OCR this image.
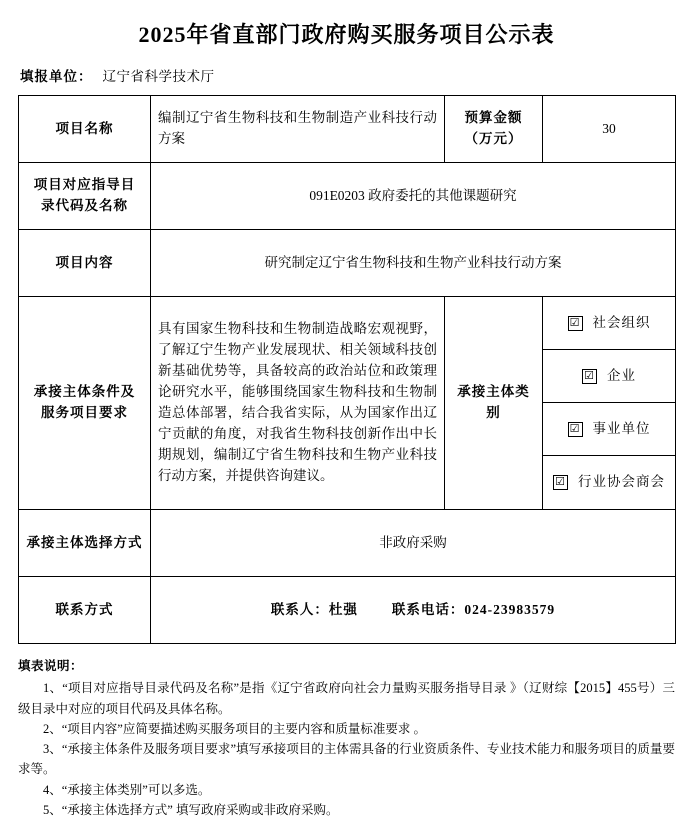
2025年省直部门政府购买服务项目公示表
填报单位： 辽宁省科学技术厅
项目名称	编制辽宁省生物科技和生物制造产业科技行动方案	预算金额
（万元）	30

项目对应指导目
录代码及名称	091E0203 政府委托的其他课题研究		
项目内容	研究制定辽宁省生物科技和生物产业科技行动方案		

承接主体条件及
服务项目要求
	具有国家生物科技和生物制造战略宏观视野，了解辽宁生物产业发展现状、相关领域科技创新基础优势等，具备较高的政治站位和政策理论研究水平，能够围绕国家生物科技和生物制造总体部署，结合我省实际，从为国家作出辽宁贡献的角度，对我省生物科技创新作出中长期规划，编制辽宁省生物科技和生物产业科技行动方案，并提供咨询建议。	承接主体类别	
☑ 社会组织
☑ 企业
☑ 事业单位
☑ 行业协会商会

承接主体选择方式	非政府采购		
联系方式	联系人：杜强 联系电话：024-23983579		
填表说明：
1、“项目对应指导目录代码及名称”是指《辽宁省政府向社会力量购买服务指导目录 》（辽财综【2015】455号）三级目录中对应的项目代码及具体名称。
2、“项目内容”应简要描述购买服务项目的主要内容和质量标准要求 。
3、“承接主体条件及服务项目要求”填写承接项目的主体需具备的行业资质条件、专业技术能力和服务项目的质量要求等。
4、“承接主体类别”可以多选。
5、“承接主体选择方式” 填写政府采购或非政府采购。
